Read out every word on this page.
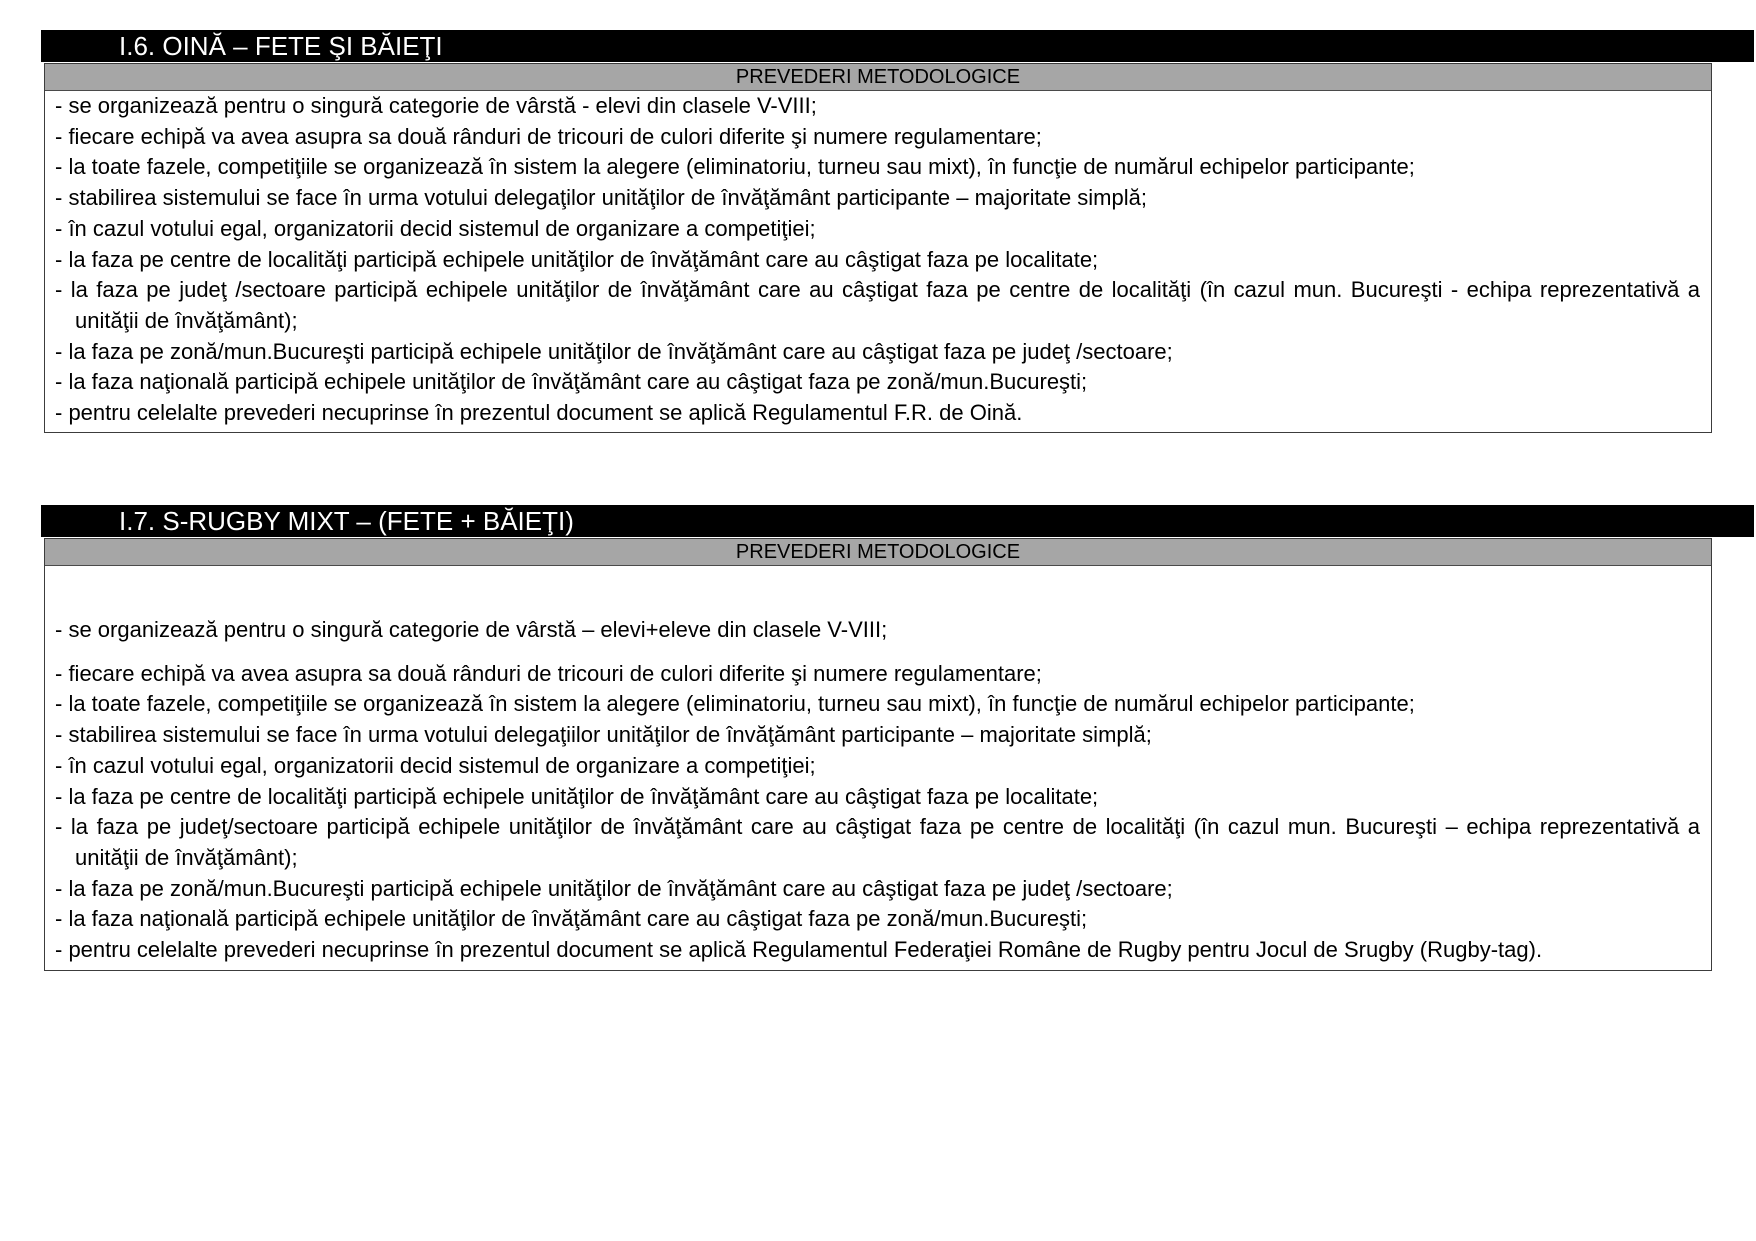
I.6. OINĂ – FETE ŞI BĂIEŢI
PREVEDERI METODOLOGICE
- se organizează pentru o singură categorie de vârstă - elevi din clasele V-VIII;
- fiecare echipă va avea asupra sa două rânduri de tricouri de culori diferite şi numere regulamentare;
- la toate fazele, competiţiile se organizează în sistem la alegere (eliminatoriu, turneu sau mixt), în funcţie de numărul echipelor participante;
- stabilirea sistemului se face în urma votului delegaţilor unităţilor de învăţământ participante – majoritate simplă;
- în cazul votului egal, organizatorii decid sistemul de organizare a competiţiei;
- la faza pe centre de localităţi participă echipele unităţilor de învăţământ care au câştigat faza pe localitate;
- la faza pe judeţ /sectoare participă echipele unităţilor de învăţământ care au câştigat faza pe centre de localităţi (în cazul mun. Bucureşti - echipa reprezentativă a unităţii de învăţământ);
- la faza pe zonă/mun.Bucureşti participă echipele unităţilor de învăţământ care au câştigat faza pe judeţ /sectoare;
- la faza naţională participă echipele unităţilor de învăţământ care au câştigat faza pe zonă/mun.Bucureşti;
- pentru celelalte prevederi necuprinse în prezentul document se aplică Regulamentul F.R. de Oină.
I.7. S-RUGBY MIXT – (FETE + BĂIEŢI)
PREVEDERI METODOLOGICE
- se organizează pentru o singură categorie de vârstă – elevi+eleve din clasele V-VIII;
- fiecare echipă va avea asupra sa două rânduri de tricouri de culori diferite şi numere regulamentare;
- la toate fazele, competiţiile se organizează în sistem la alegere (eliminatoriu, turneu sau mixt), în funcţie de numărul echipelor participante;
- stabilirea sistemului se face în urma votului delegaţiilor unităţilor de învăţământ participante – majoritate simplă;
- în cazul votului egal, organizatorii decid sistemul de organizare a competiţiei;
- la faza pe centre de localităţi participă echipele unităţilor de învăţământ care au câştigat faza pe localitate;
- la faza pe judeţ/sectoare participă echipele unităţilor de învăţământ care au câştigat faza pe centre de localităţi (în cazul mun. Bucureşti – echipa reprezentativă a unităţii de învăţământ);
- la faza pe zonă/mun.Bucureşti participă echipele unităţilor de învăţământ care au câştigat faza pe judeţ /sectoare;
- la faza naţională participă echipele unităţilor de învăţământ care au câştigat faza pe zonă/mun.Bucureşti;
- pentru celelalte prevederi necuprinse în prezentul document se aplică Regulamentul Federaţiei Române de Rugby pentru Jocul de Srugby (Rugby-tag).
